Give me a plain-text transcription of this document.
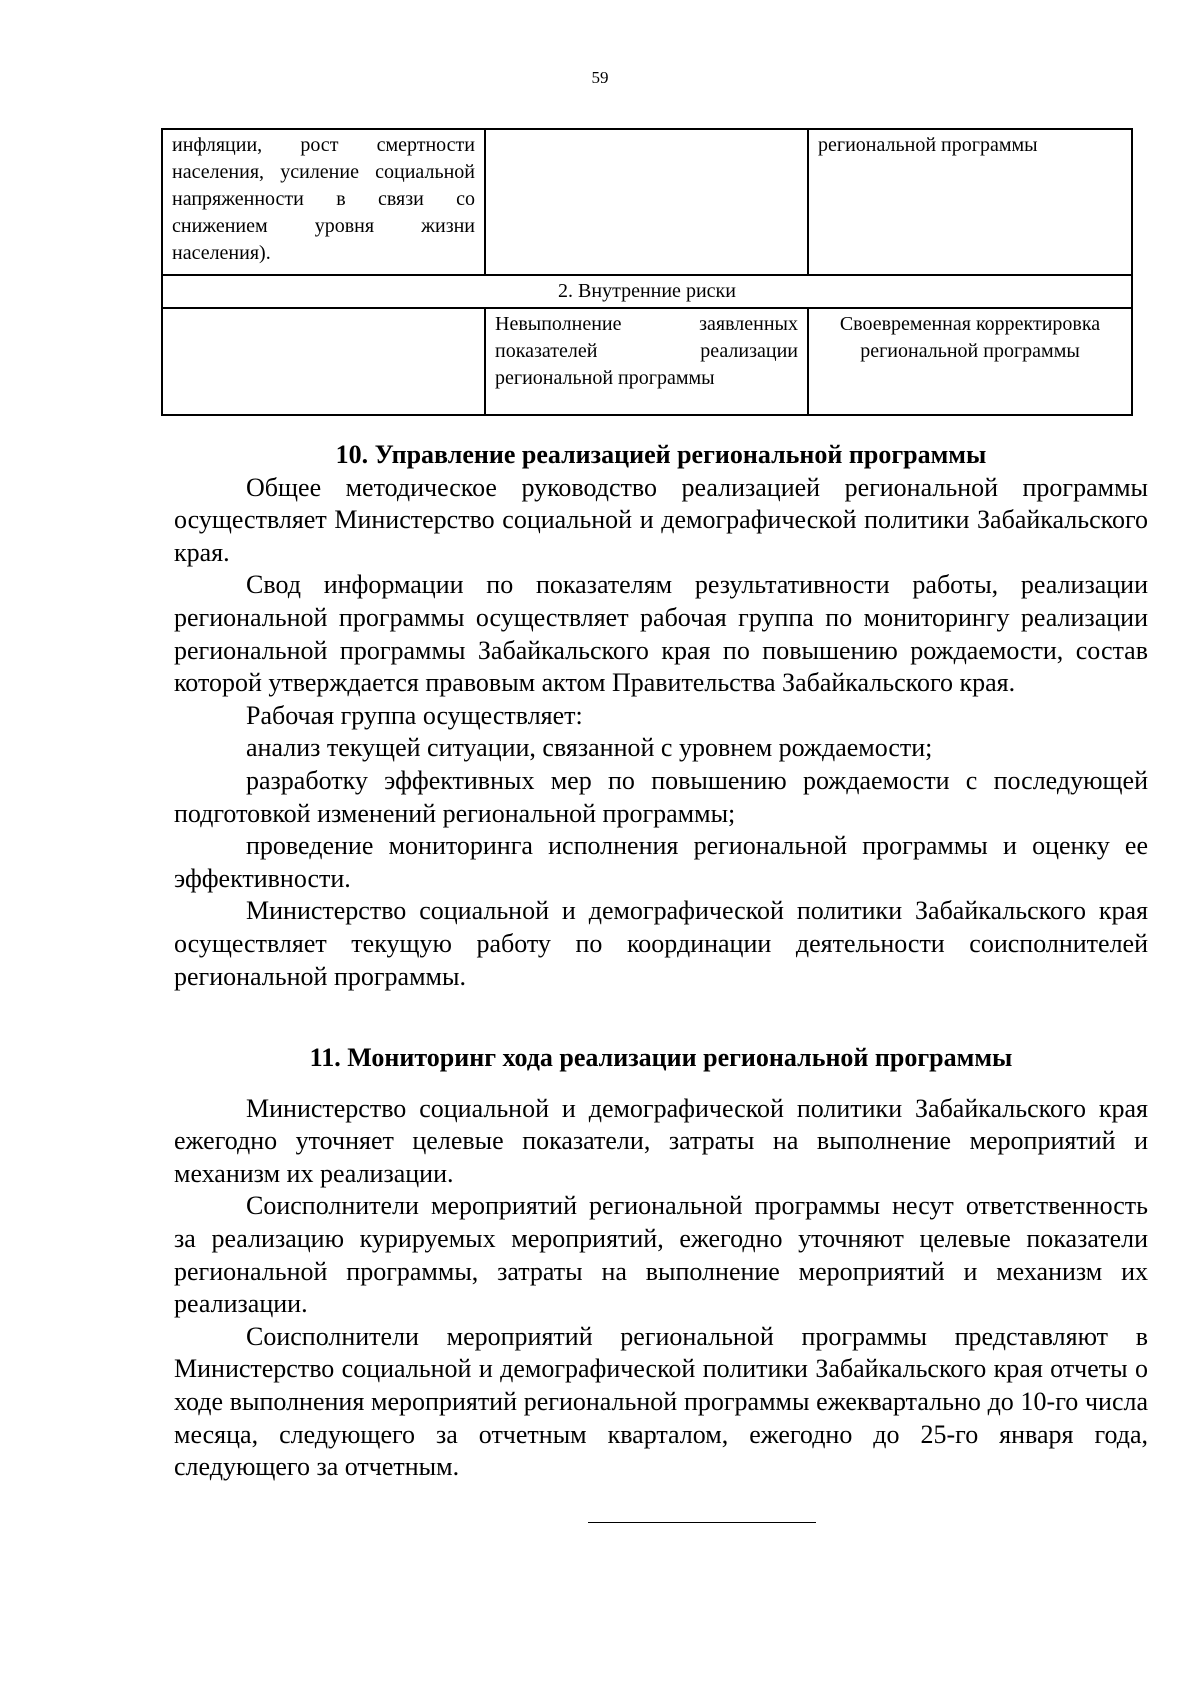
59
инфляции, рост смертности населения, усиление социальной напряженности в связи со снижением уровня жизни населения).		региональной программы
2. Внутренние риски		
	Невыполнение заявленных показателей реализации региональной программы	Своевременная корректировка региональной программы

10. Управление реализацией региональной программы

Общее методическое руководство реализацией региональной программы осуществляет Министерство социальной и демографической политики Забайкальского края.

Свод информации по показателям результативности работы, реализации региональной программы осуществляет рабочая группа по мониторингу реализации региональной программы Забайкальского края по повышению рождаемости, состав которой утверждается правовым актом Правительства Забайкальского края.

Рабочая группа осуществляет:

анализ текущей ситуации, связанной с уровнем рождаемости;

разработку эффективных мер по повышению рождаемости с последующей подготовкой изменений региональной программы;

проведение мониторинга исполнения региональной программы и оценку ее эффективности.

Министерство социальной и демографической политики Забайкальского края осуществляет текущую работу по координации деятельности соисполнителей региональной программы.

11. Мониторинг хода реализации региональной программы

Министерство социальной и демографической политики Забайкальского края ежегодно уточняет целевые показатели, затраты на выполнение мероприятий и механизм их реализации.

Соисполнители мероприятий региональной программы несут ответственность за реализацию курируемых мероприятий, ежегодно уточняют целевые показатели региональной программы, затраты на выполнение мероприятий и механизм их реализации.

Соисполнители мероприятий региональной программы представляют в Министерство социальной и демографической политики Забайкальского края отчеты о ходе выполнения мероприятий региональной программы ежеквартально до 10-го числа месяца, следующего за отчетным кварталом, ежегодно до 25-го января года, следующего за отчетным.
